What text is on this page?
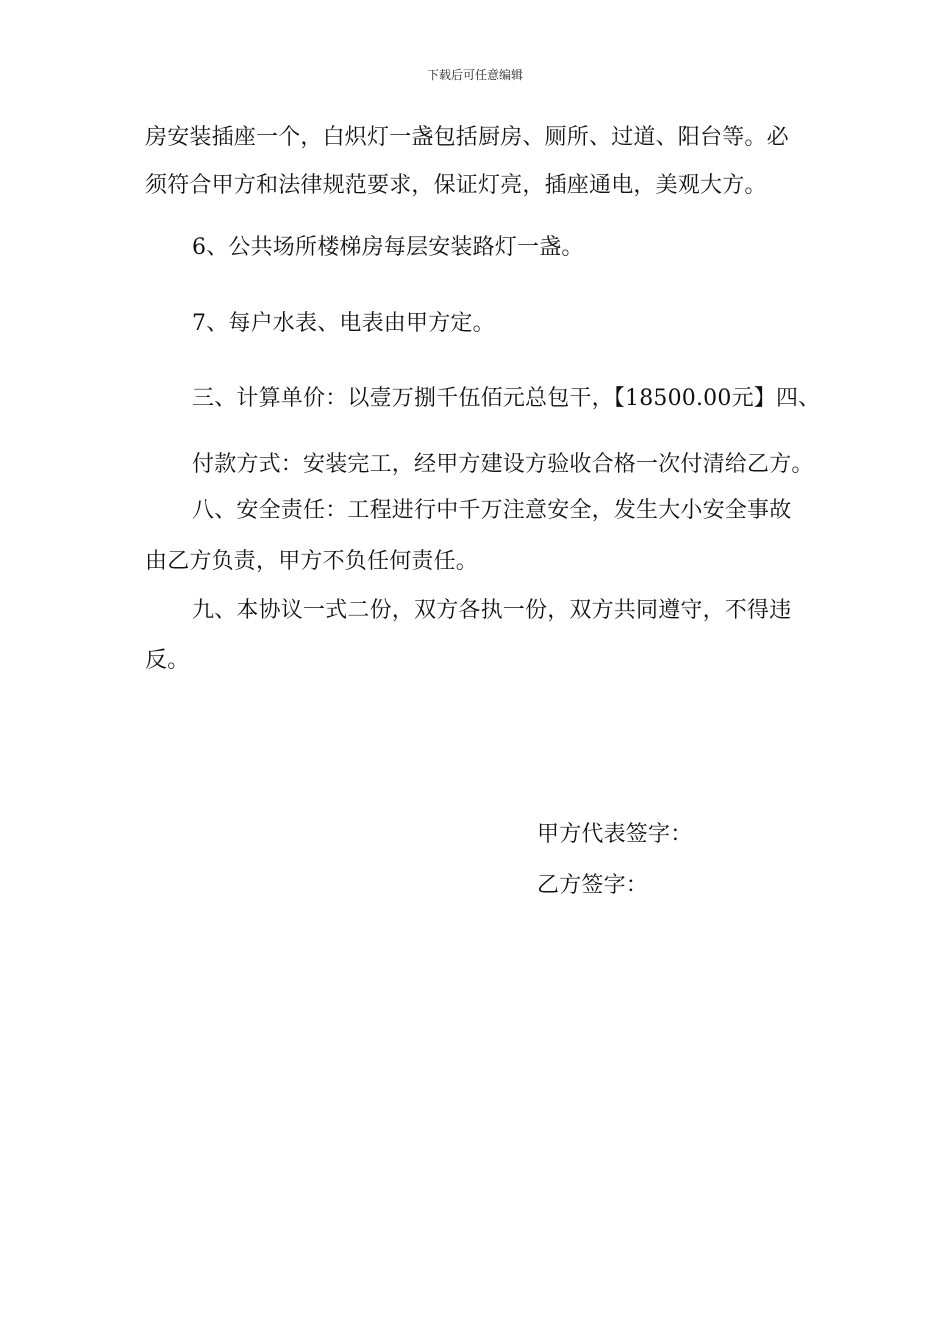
下载后可任意编辑
房安装插座一个，白炽灯一盏包括厨房、厕所、过道、阳台等。必
须符合甲方和法律规范要求，保证灯亮，插座通电，美观大方。
6、公共场所楼梯房每层安装路灯一盏。
7、每户水表、电表由甲方定。
三、计算单价：以壹万捌千伍佰元总包干，【18500.00元】四、
付款方式：安装完工，经甲方建设方验收合格一次付清给乙方。
八、安全责任：工程进行中千万注意安全，发生大小安全事故
由乙方负责，甲方不负任何责任。
九、本协议一式二份，双方各执一份，双方共同遵守，不得违
反。
甲方代表签字：
乙方签字：
